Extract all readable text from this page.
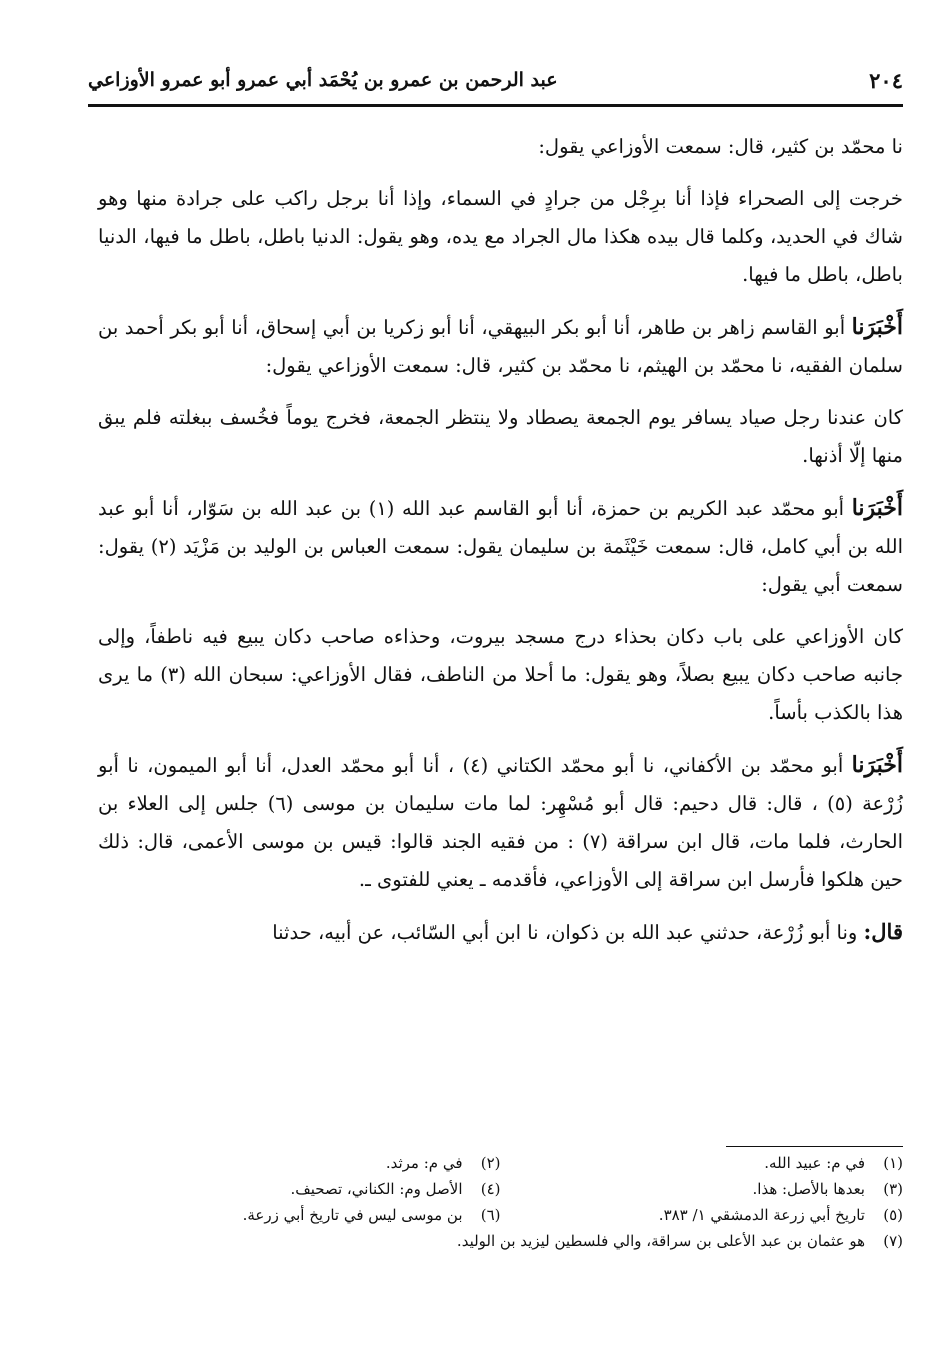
٢٠٤
عبد الرحمن بن عمرو بن يُحْمَد أبي عمرو أبو عمرو الأوزاعي

نا محمّد بن كثير، قال: سمعت الأوزاعي يقول:

خرجت إلى الصحراء فإذا أنا برِجْل من جرادٍ في السماء، وإذا أنا برجل راكب على جرادة منها وهو شاك في الحديد، وكلما قال بيده هكذا مال الجراد مع يده، وهو يقول: الدنيا باطل، باطل ما فيها، الدنيا باطل، باطل ما فيها.

أَخْبَرَنا أبو القاسم زاهر بن طاهر، أنا أبو بكر البيهقي، أنا أبو زكريا بن أبي إسحاق، أنا أبو بكر أحمد بن سلمان الفقيه، نا محمّد بن الهيثم، نا محمّد بن كثير، قال: سمعت الأوزاعي يقول:

كان عندنا رجل صياد يسافر يوم الجمعة يصطاد ولا ينتظر الجمعة، فخرج يوماً فخُسف ببغلته فلم يبق منها إلّا أذنها.

أَخْبَرَنا أبو محمّد عبد الكريم بن حمزة، أنا أبو القاسم عبد الله (١) بن عبد الله بن سَوّار، أنا أبو عبد الله بن أبي كامل، قال: سمعت خَيْثَمة بن سليمان يقول: سمعت العباس بن الوليد بن مَزْيَد (٢) يقول: سمعت أبي يقول:

كان الأوزاعي على باب دكان بحذاء درج مسجد بيروت، وحذاءه صاحب دكان يبيع فيه ناطفاً، وإلى جانبه صاحب دكان يبيع بصلاً، وهو يقول: ما أحلا من الناطف، فقال الأوزاعي: سبحان الله (٣) ما يرى هذا بالكذب بأساً.

أَخْبَرَنا أبو محمّد بن الأكفاني، نا أبو محمّد الكتاني (٤) ، أنا أبو محمّد العدل، أنا أبو الميمون، نا أبو زُرْعة (٥) ، قال: قال دحيم: قال أبو مُسْهِر: لما مات سليمان بن موسى (٦) جلس إلى العلاء بن الحارث، فلما مات، قال ابن سراقة (٧) : من فقيه الجند قالوا: قيس بن موسى الأعمى، قال: ذلك حين هلكوا فأرسل ابن سراقة إلى الأوزاعي، فأقدمه ـ يعني للفتوى ـ.

قال: ونا أبو زُرْعة، حدثني عبد الله بن ذكوان، نا ابن أبي السّائب، عن أبيه، حدثنا

(١)
في م: عبيد الله.
(٢)
في م: مرثد.
(٣)
بعدها بالأصل: هذا.
(٤)
الأصل وم: الكناني، تصحيف.
(٥)
تاريخ أبي زرعة الدمشقي ١/ ٣٨٣.
(٦)
بن موسى ليس في تاريخ أبي زرعة.
(٧)
هو عثمان بن عبد الأعلى بن سراقة، والي فلسطين ليزيد بن الوليد.
